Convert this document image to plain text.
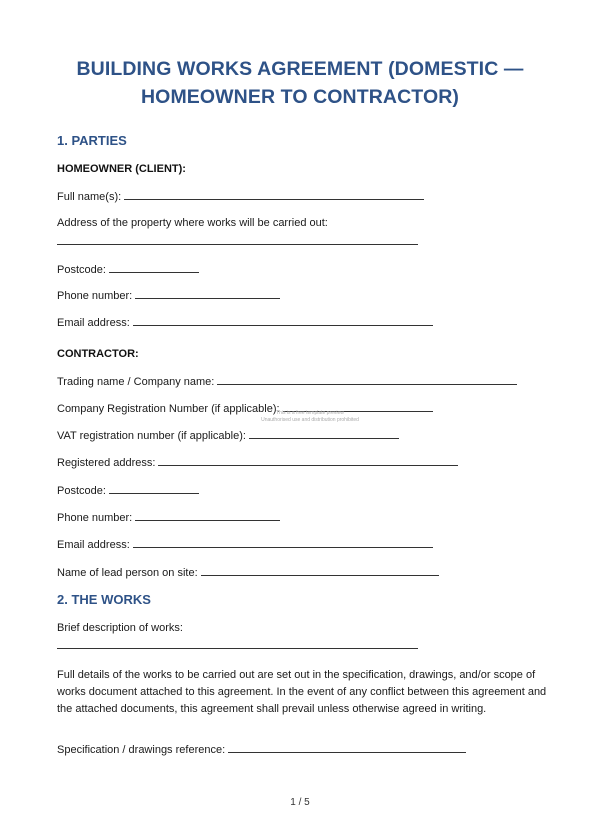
BUILDING WORKS AGREEMENT (DOMESTIC — HOMEOWNER TO CONTRACTOR)
1. PARTIES
HOMEOWNER (CLIENT):
Full name(s):
Address of the property where works will be carried out:
Postcode:
Phone number:
Email address:
CONTRACTOR:
Trading name / Company name:
Company Registration Number (if applicable):
This is a free template preview
Unauthorised use and distribution prohibited
VAT registration number (if applicable):
Registered address:
Postcode:
Phone number:
Email address:
Name of lead person on site:
2. THE WORKS
Brief description of works:
Full details of the works to be carried out are set out in the specification, drawings, and/or scope of works document attached to this agreement. In the event of any conflict between this agreement and the attached documents, this agreement shall prevail unless otherwise agreed in writing.
Specification / drawings reference:
1 / 5
